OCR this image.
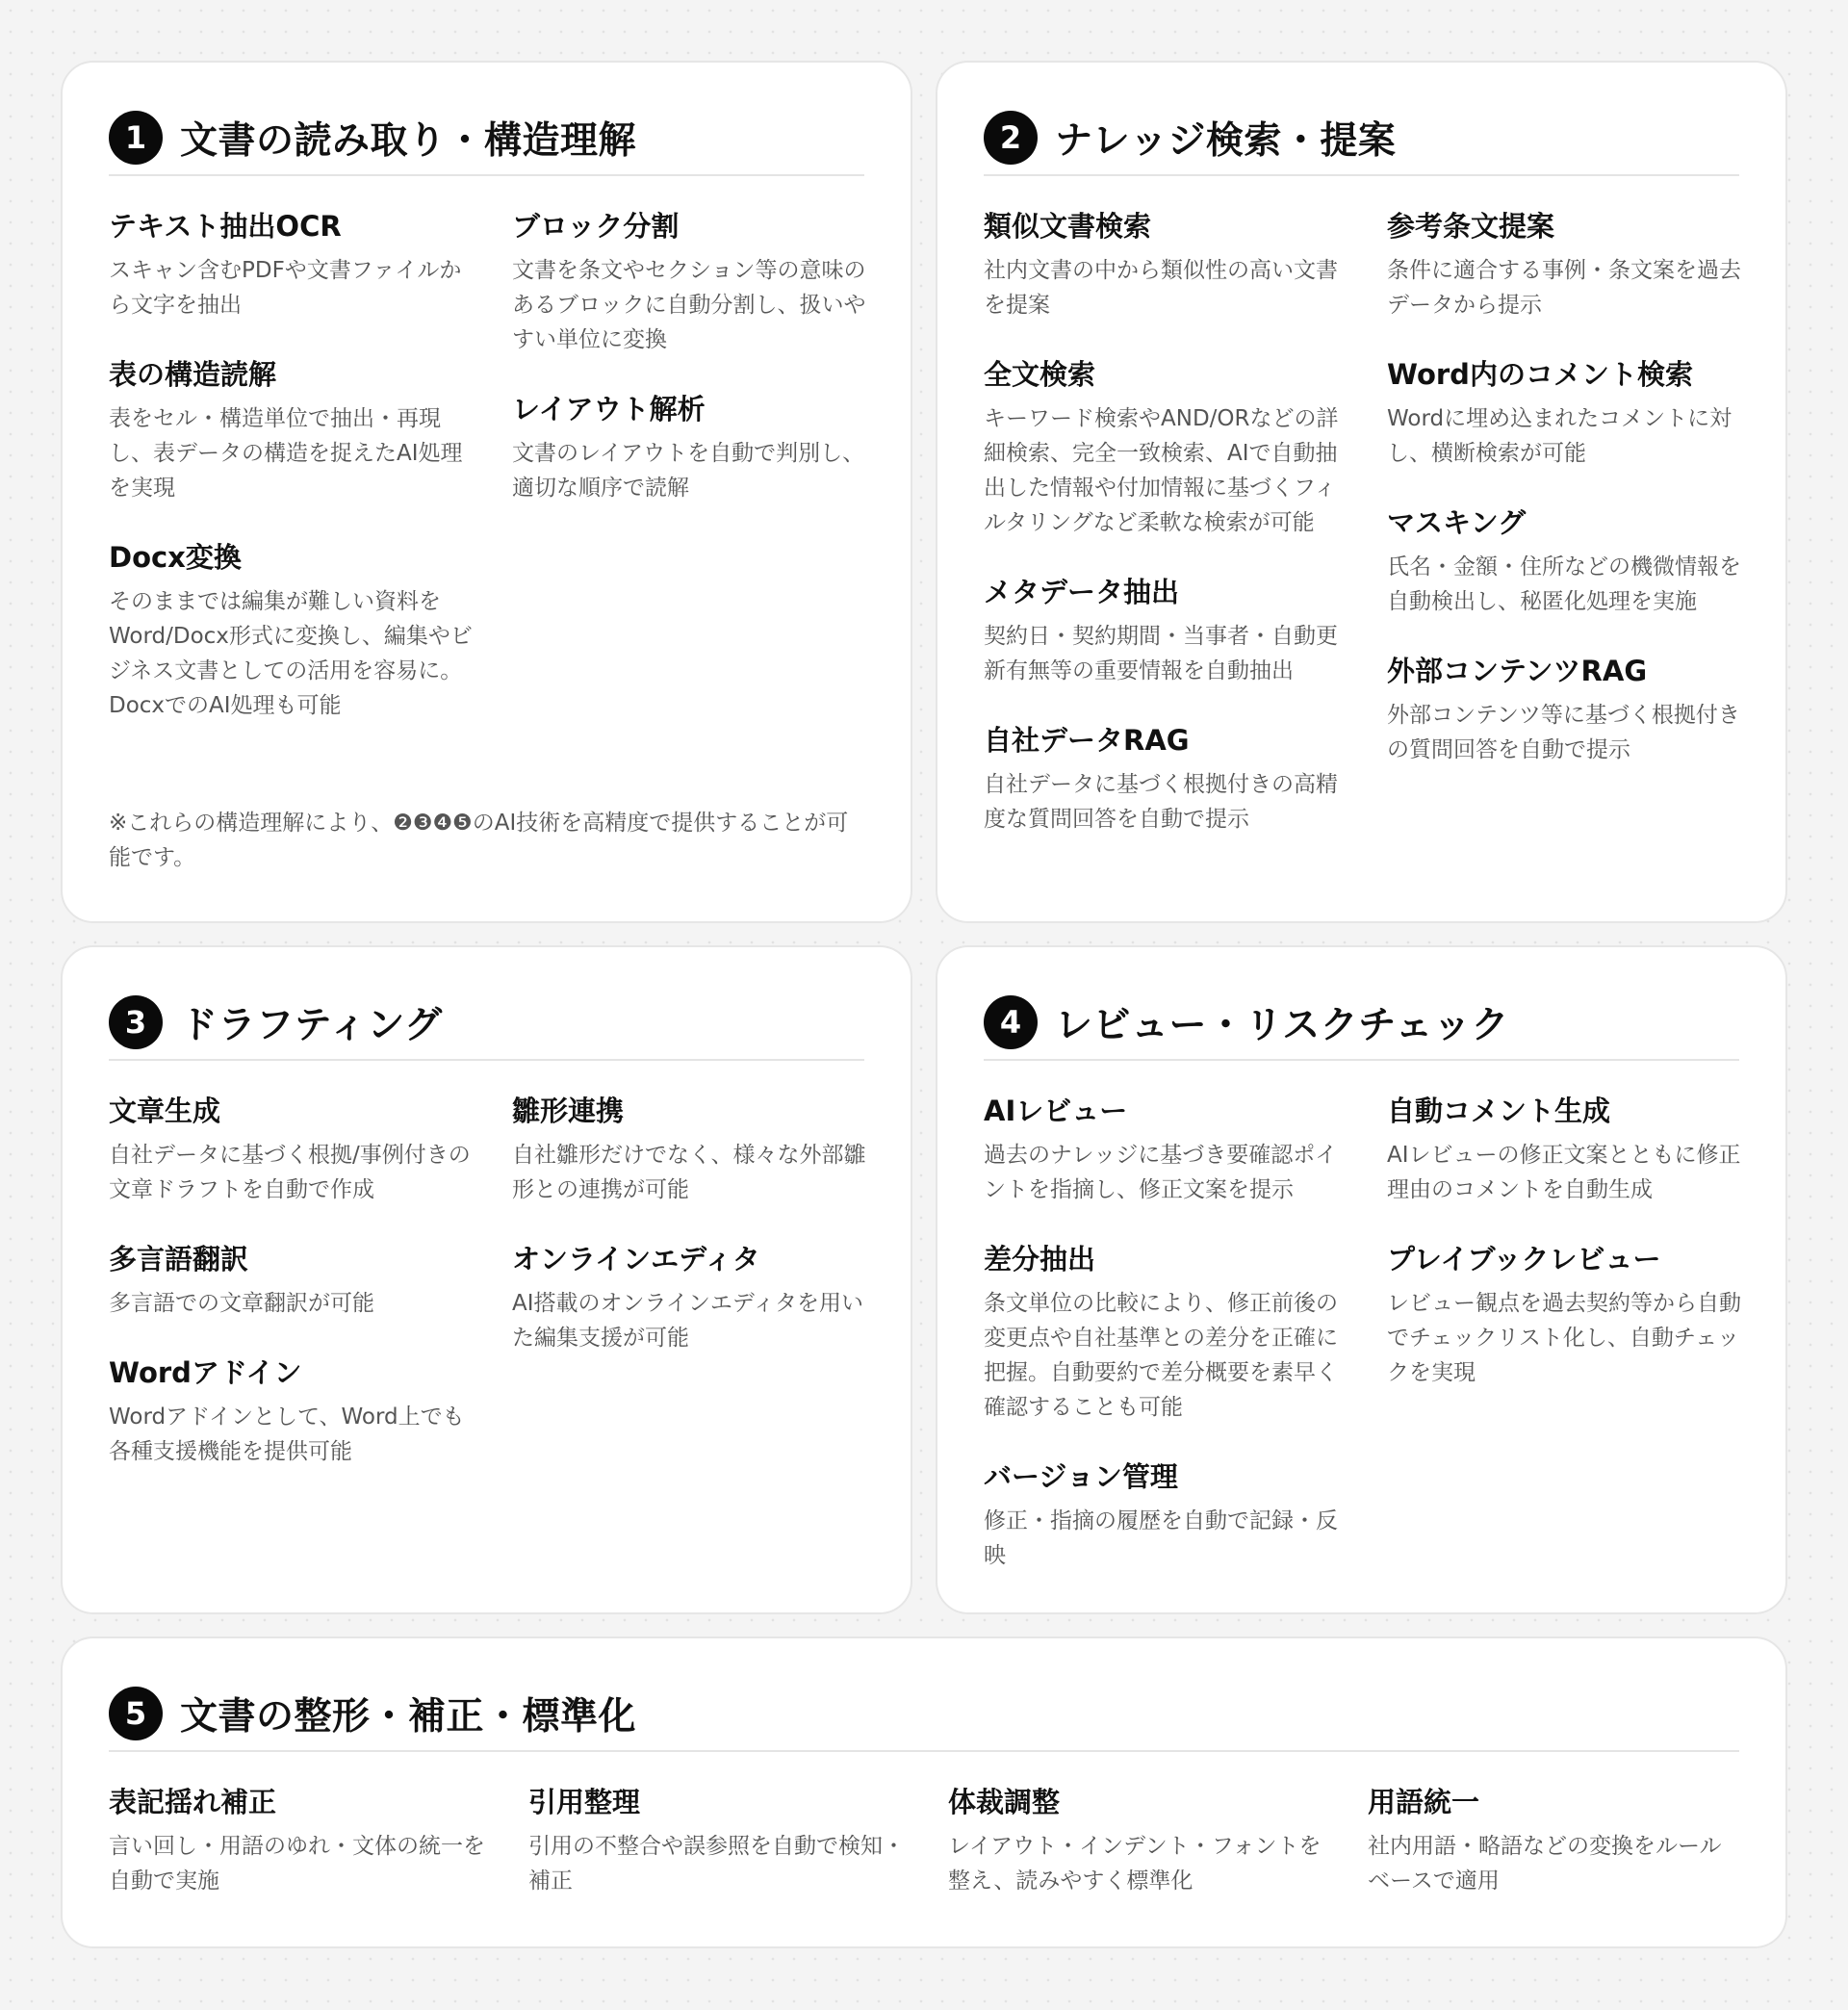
1 文書の読み取り・構造理解
テキスト抽出OCR

スキャン含むPDFや文書ファイルから文字を抽出

表の構造読解

表をセル・構造単位で抽出・再現し、表データの構造を捉えたAI処理を実現

Docx変換

そのままでは編集が難しい資料をWord/Docx形式に変換し、編集やビジネス文書としての活用を容易に。DocxでのAI処理も可能

ブロック分割

文書を条文やセクション等の意味のあるブロックに自動分割し、扱いやすい単位に変換

レイアウト解析

文書のレイアウトを自動で判別し、適切な順序で読解

※これらの構造理解により、❷❸❹❺のAI技術を高精度で提供することが可能です。

2 ナレッジ検索・提案
類似文書検索

社内文書の中から類似性の高い文書を提案

全文検索

キーワード検索やAND/ORなどの詳細検索、完全一致検索、AIで自動抽出した情報や付加情報に基づくフィルタリングなど柔軟な検索が可能

メタデータ抽出

契約日・契約期間・当事者・自動更新有無等の重要情報を自動抽出

自社データRAG

自社データに基づく根拠付きの高精度な質問回答を自動で提示

参考条文提案

条件に適合する事例・条文案を過去データから提示

Word内のコメント検索

Wordに埋め込まれたコメントに対し、横断検索が可能

マスキング

氏名・金額・住所などの機微情報を自動検出し、秘匿化処理を実施

外部コンテンツRAG

外部コンテンツ等に基づく根拠付きの質問回答を自動で提示

3 ドラフティング
文章生成

自社データに基づく根拠/事例付きの文章ドラフトを自動で作成

多言語翻訳

多言語での文章翻訳が可能

Wordアドイン

Wordアドインとして、Word上でも各種支援機能を提供可能

雛形連携

自社雛形だけでなく、様々な外部雛形との連携が可能

オンラインエディタ

AI搭載のオンラインエディタを用いた編集支援が可能

4 レビュー・リスクチェック
AIレビュー

過去のナレッジに基づき要確認ポイントを指摘し、修正文案を提示

差分抽出

条文単位の比較により、修正前後の変更点や自社基準との差分を正確に把握。自動要約で差分概要を素早く確認することも可能

バージョン管理

修正・指摘の履歴を自動で記録・反映

自動コメント生成

AIレビューの修正文案とともに修正理由のコメントを自動生成

プレイブックレビュー

レビュー観点を過去契約等から自動でチェックリスト化し、自動チェックを実現

5 文書の整形・補正・標準化
表記揺れ補正

言い回し・用語のゆれ・文体の統一を自動で実施

引用整理

引用の不整合や誤参照を自動で検知・補正

体裁調整

レイアウト・インデント・フォントを整え、読みやすく標準化

用語統一

社内用語・略語などの変換をルールベースで適用
